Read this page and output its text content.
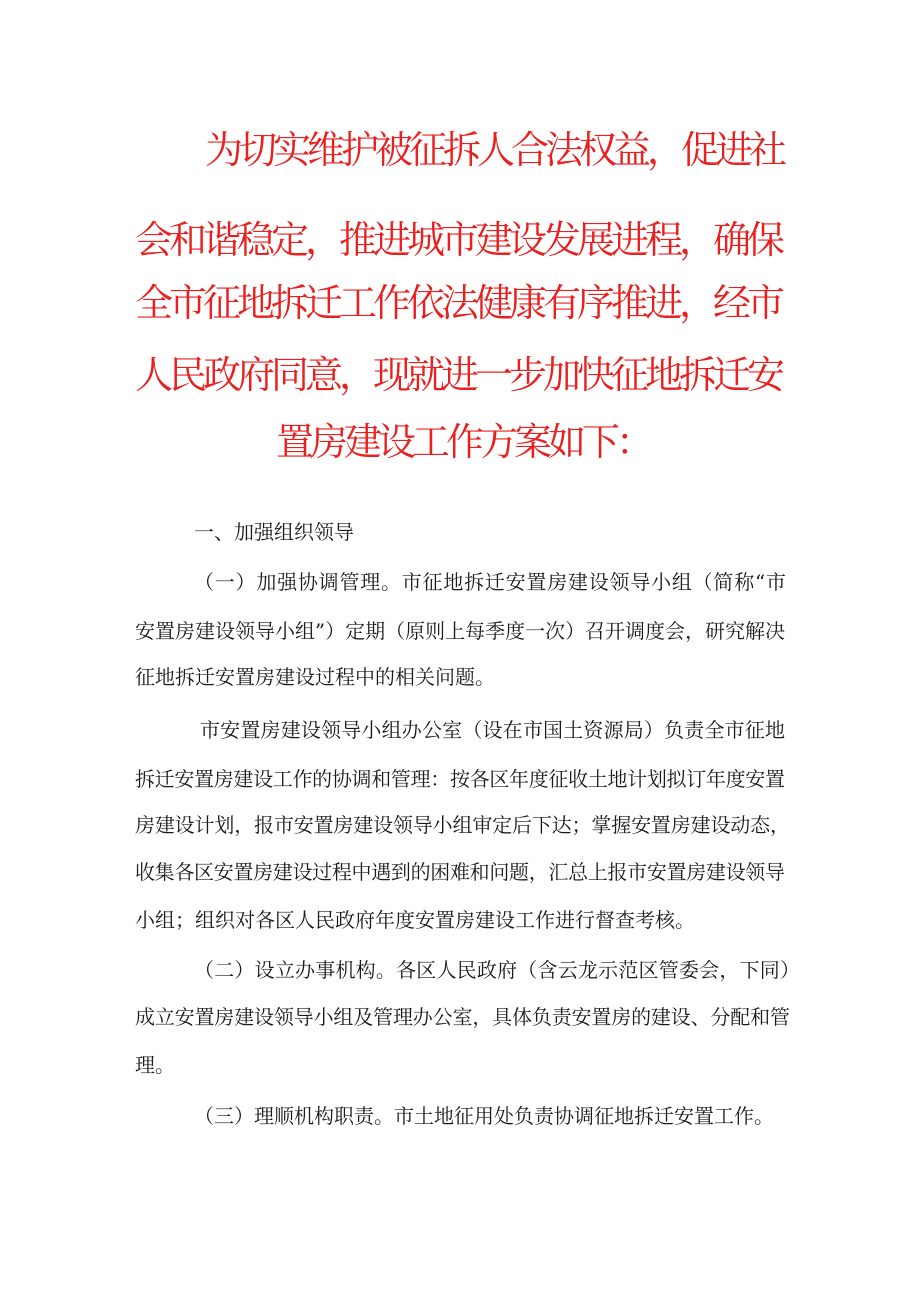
为切实维护被征拆人合法权益，促进社
会和谐稳定，推进城市建设发展进程，确保
全市征地拆迁工作依法健康有序推进，经市
人民政府同意，现就进一步加快征地拆迁安
置房建设工作方案如下：
一、加强组织领导
（一）加强协调管理。市征地拆迁安置房建设领导小组（简称“市
安置房建设领导小组”）定期（原则上每季度一次）召开调度会，研究解决
征地拆迁安置房建设过程中的相关问题。
市安置房建设领导小组办公室（设在市国土资源局）负责全市征地
拆迁安置房建设工作的协调和管理：按各区年度征收土地计划拟订年度安置
房建设计划，报市安置房建设领导小组审定后下达；掌握安置房建设动态，
收集各区安置房建设过程中遇到的困难和问题，汇总上报市安置房建设领导
小组；组织对各区人民政府年度安置房建设工作进行督查考核。
（二）设立办事机构。各区人民政府（含云龙示范区管委会，下同）
成立安置房建设领导小组及管理办公室，具体负责安置房的建设、分配和管
理。
（三）理顺机构职责。市土地征用处负责协调征地拆迁安置工作。
